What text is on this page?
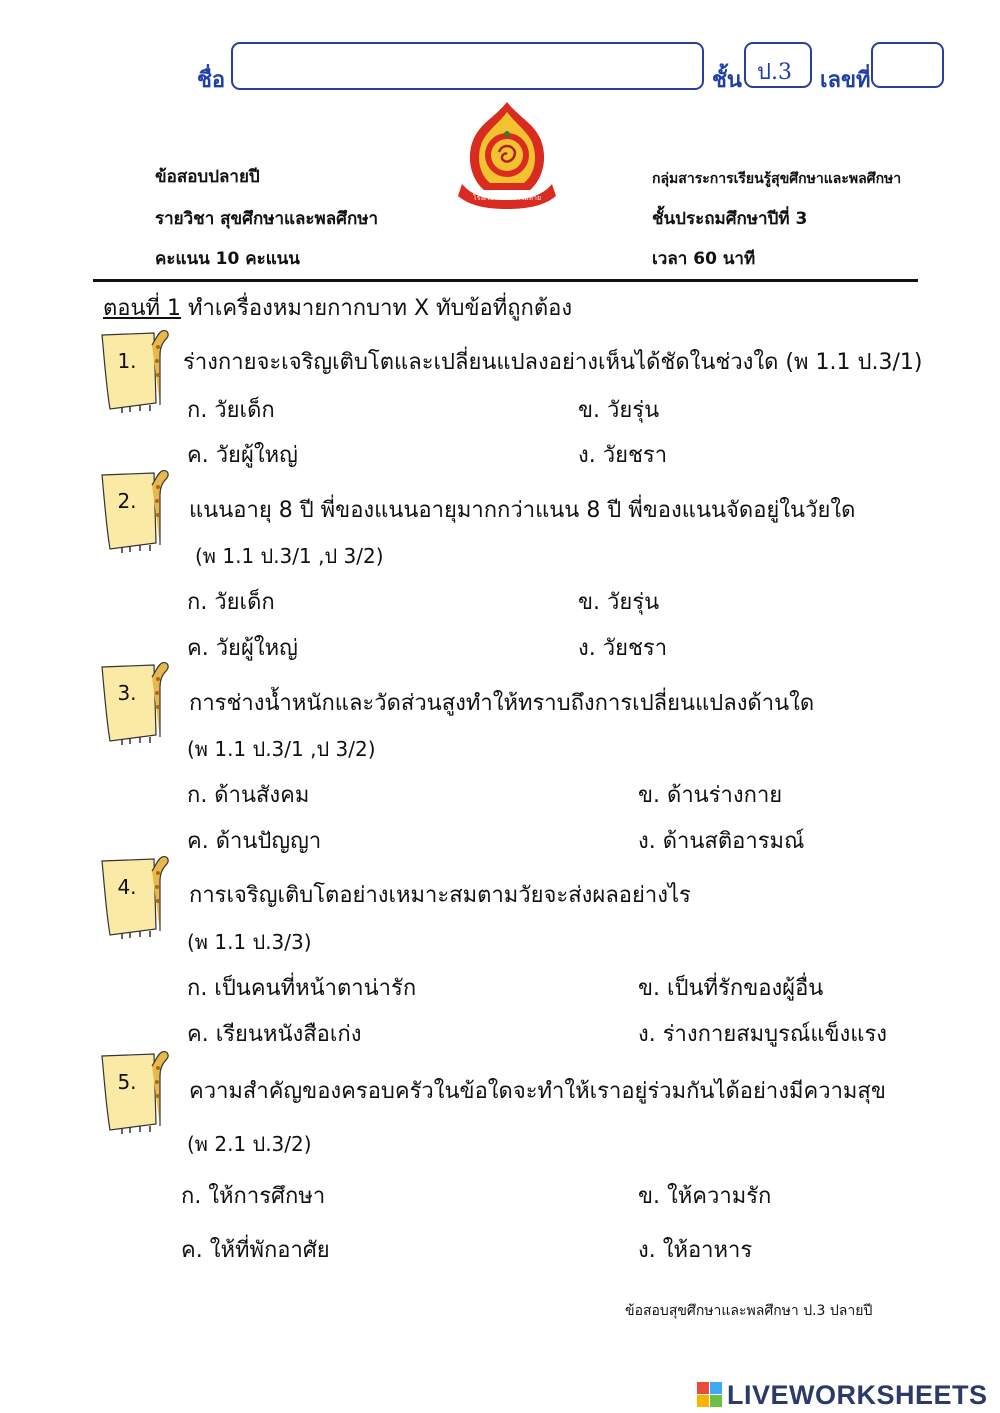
ชื่อ	ชั้น ป.3 เลขที่
ข้อสอบปลายปี
รายวิชา สุขศึกษาและพลศึกษา
คะแนน 10 คะแนน
กลุ่มสาระการเรียนรู้สุขศึกษาและพลศึกษา
ชั้นประถมศึกษาปีที่ 3
เวลา 60 นาที
โรงเรียนบ้านท่าไม้ลาย
ตอนที่ 1 ทำเครื่องหมายกากบาท X ทับข้อที่ถูกต้อง
1.	ร่างกายจะเจริญเติบโตและเปลี่ยนแปลงอย่างเห็นได้ชัดในช่วงใด (พ 1.1 ป.3/1)
ก. วัยเด็ก	ข. วัยรุ่น
ค. วัยผู้ใหญ่	ง. วัยชรา
2.	แนนอายุ 8 ปี พี่ของแนนอายุมากกว่าแนน 8 ปี พี่ของแนนจัดอยู่ในวัยใด
(พ 1.1 ป.3/1 ,ป 3/2)
ก. วัยเด็ก	ข. วัยรุ่น
ค. วัยผู้ใหญ่	ง. วัยชรา
3.	การช่างน้ำหนักและวัดส่วนสูงทำให้ทราบถึงการเปลี่ยนแปลงด้านใด
(พ 1.1 ป.3/1 ,ป 3/2)
ก. ด้านสังคม	ข. ด้านร่างกาย
ค. ด้านปัญญา	ง. ด้านสติอารมณ์
4.	การเจริญเติบโตอย่างเหมาะสมตามวัยจะส่งผลอย่างไร
(พ 1.1 ป.3/3)
ก. เป็นคนที่หน้าตาน่ารัก	ข. เป็นที่รักของผู้อื่น
ค. เรียนหนังสือเก่ง	ง. ร่างกายสมบูรณ์แข็งแรง
5.	ความสำคัญของครอบครัวในข้อใดจะทำให้เราอยู่ร่วมกันได้อย่างมีความสุข
(พ 2.1 ป.3/2)
ก. ให้การศึกษา	ข. ให้ความรัก
ค. ให้ที่พักอาศัย	ง. ให้อาหาร
ข้อสอบสุขศึกษาและพลศึกษา ป.3 ปลายปี
LIVEWORKSHEETS
